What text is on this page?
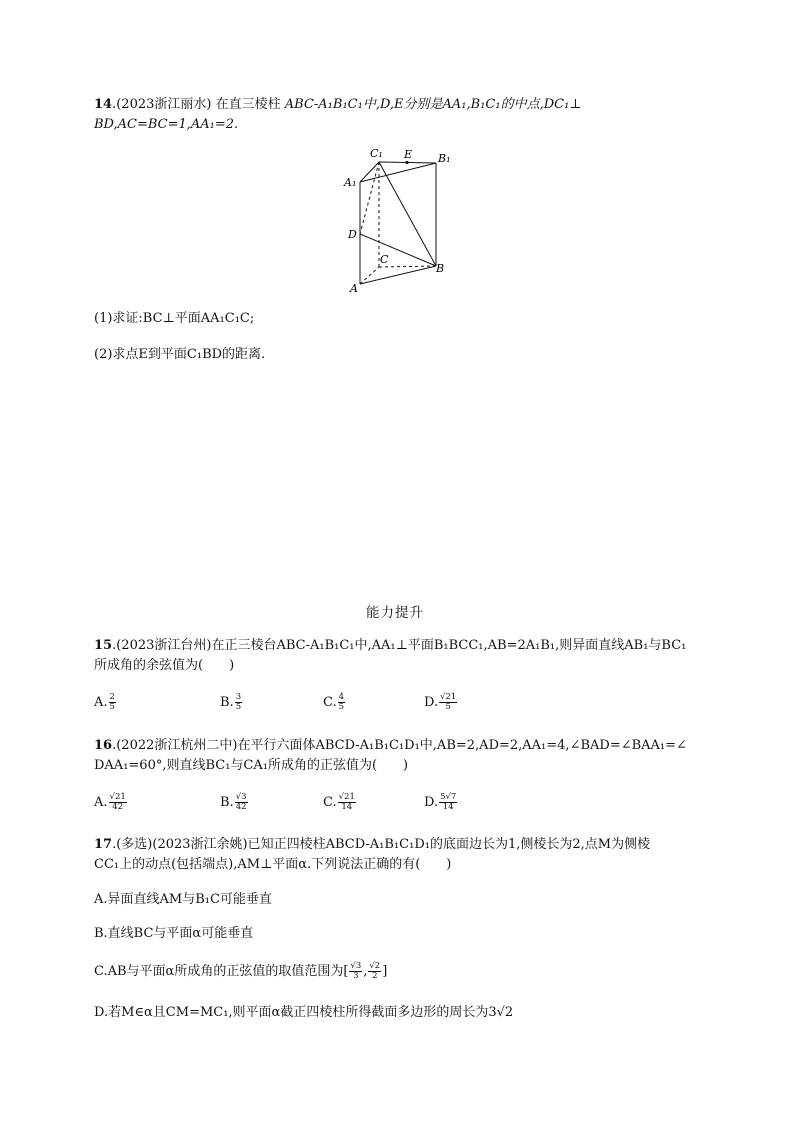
14.(2023浙江丽水) 在直三棱柱 ABC-A₁B₁C₁中,D,E分别是AA₁,B₁C₁的中点,DC₁⊥
BD,AC=BC=1,AA₁=2.
C₁ E B₁
A₁
D
C
B
A
(1)求证:BC⊥平面AA₁C₁C;
(2)求点E到平面C₁BD的距离.
能力提升
15.(2023浙江台州)在正三棱台ABC-A₁B₁C₁中,AA₁⊥平面B₁BCC₁,AB=2A₁B₁,则异面直线AB₁与BC₁
所成角的余弦值为(　　)
A. $\frac{2}{5}$	B. $\frac{3}{5}$	C. $\frac{4}{5}$	D. $\frac{√21}{5}$
16.(2022浙江杭州二中)在平行六面体ABCD-A₁B₁C₁D₁中,AB=2,AD=2,AA₁=4,∠BAD=∠BAA₁=∠
DAA₁=60°,则直线BC₁与CA₁所成角的正弦值为(　　)
A. $\frac{√21}{42}$	B. $\frac{√3}{42}$	C. $\frac{√21}{14}$	D. $\frac{5√7}{14}$
17.(多选)(2023浙江余姚)已知正四棱柱ABCD-A₁B₁C₁D₁的底面边长为1,侧棱长为2,点M为侧棱
CC₁上的动点(包括端点),AM⊥平面α.下列说法正确的有(　　)
A.异面直线AM与B₁C可能垂直
B.直线BC与平面α可能垂直
C.AB与平面α所成角的正弦值的取值范围为[ $\frac{√3}{3}$ , $\frac{√2}{2}$ ]
D.若M∈α且CM=MC₁,则平面α截正四棱柱所得截面多边形的周长为3√2
